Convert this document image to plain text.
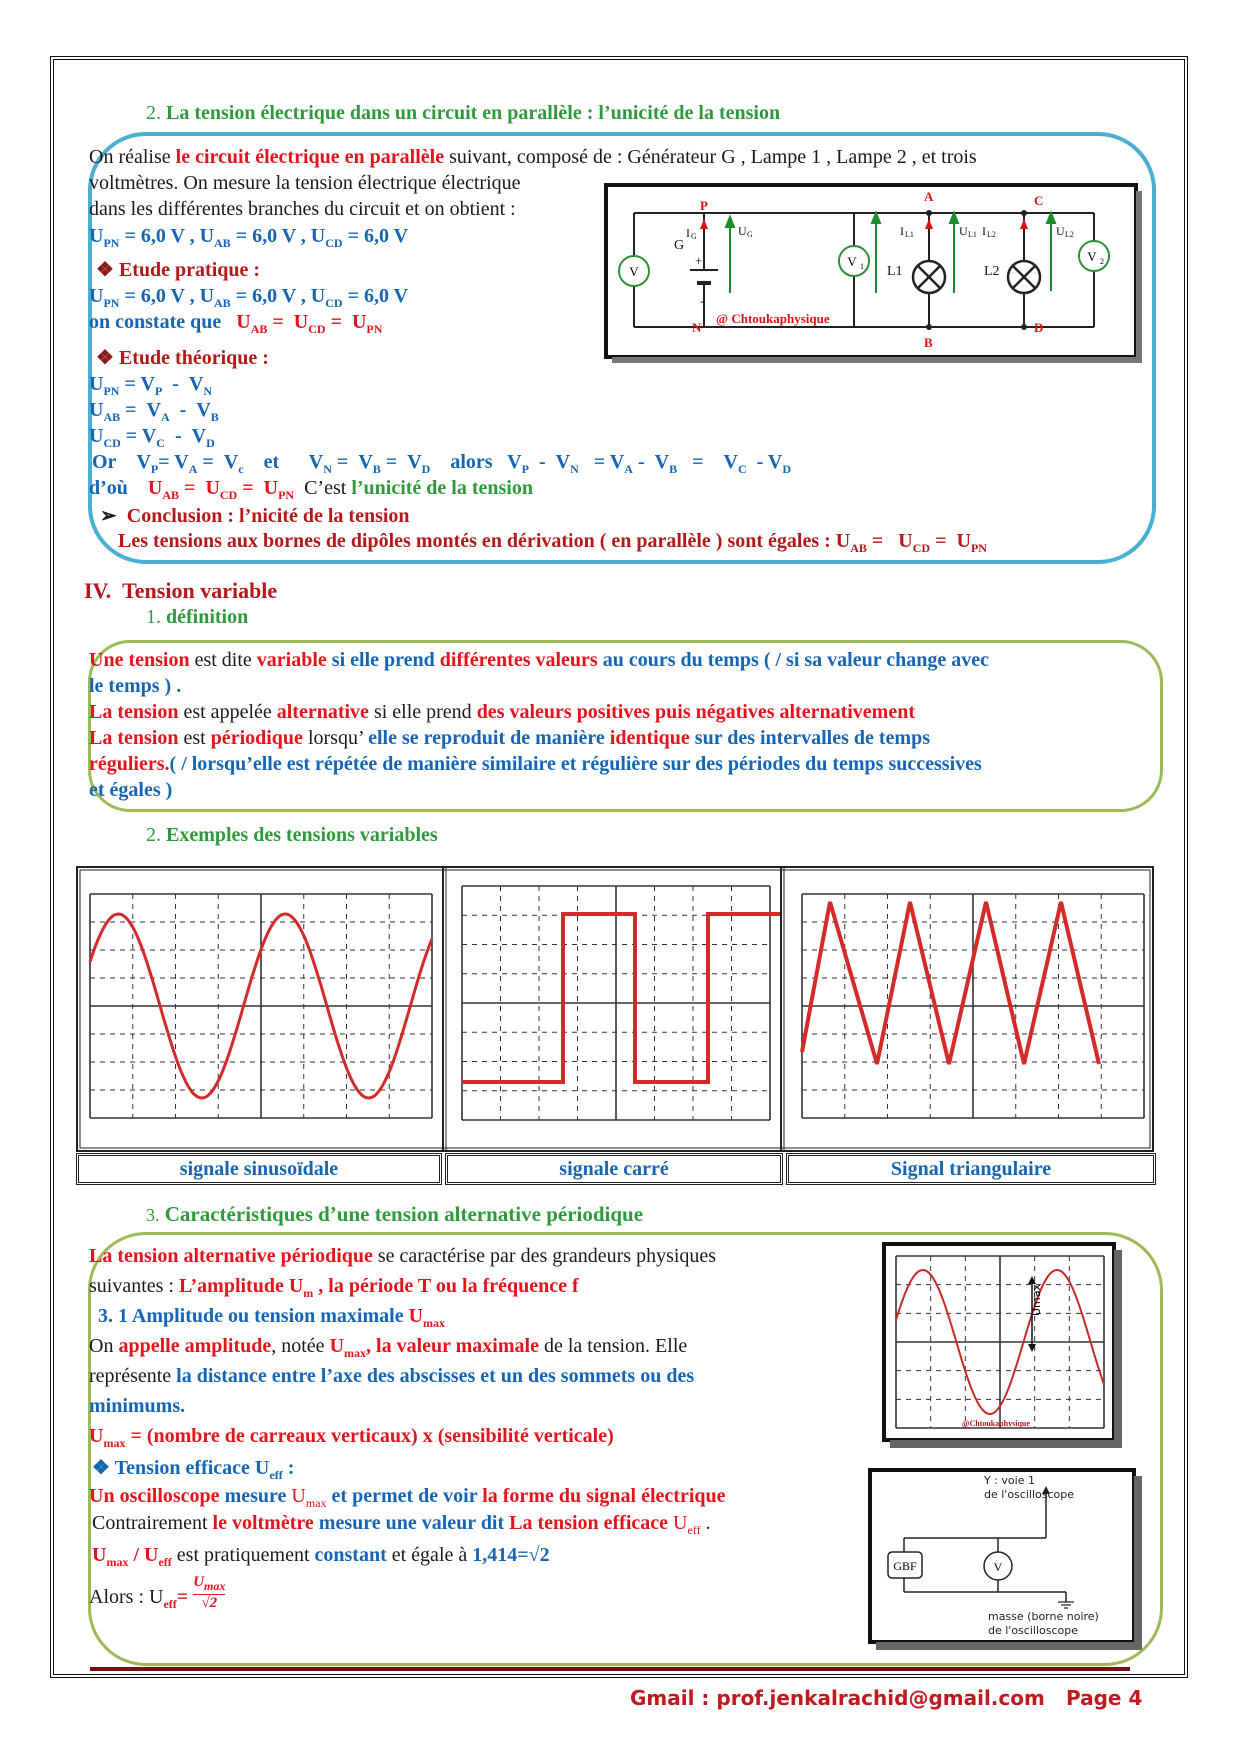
2. La tension électrique dans un circuit en parallèle : l’unicité de la tension
On réalise le circuit électrique en parallèle suivant, composé de : Générateur G , Lampe 1 , Lampe 2 , et trois
voltmètres. On mesure la tension électrique électrique
dans les différentes branches du circuit et on obtient :
$U_{PN} = 6,0$ V , $U_{AB} = 6,0$ V , $U_{CD} = 6,0$ V
❖ Etude pratique :
$U_{PN} = 6,0$ V , $U_{AB} = 6,0$ V , $U_{CD} = 6,0$ V
on constate que $U_{AB} = U_{CD} = U_{PN}$
❖ Etude théorique :
$U_{PN} = V_P - V_N$
$U_{AB} = V_A - V_B$
$U_{CD} = V_C - V_D$
Or $V_P= V_A = V_c$ et $V_N = V_B = V_D$ alors $V_P - V_N = V_A - V_B$   =    $V_C - V_D$
d’où $U_{AB} = U_{CD} = U_{PN}$ C’est l’unicité de la tension
➢ Conclusion : l’nicité de la tension
Les tensions aux bornes de dipôles montés en dérivation ( en parallèle ) sont égales : $U_{AB} = U_{CD} = U_{PN}$
V
V 1
V 2
G
+
-
L1	L2
I G	U G	I L1	U L1 I L2	U L2
P
N
A
B
C
D
@ Chtoukaphysique
IV. Tension variable
1. définition
Une tension est dite variable si elle prend différentes valeurs au cours du temps ( / si sa valeur change avec
le temps ) .
La tension est appelée alternative si elle prend des valeurs positives puis négatives alternativement
La tension est périodique lorsqu’ elle se reproduit de manière identique sur des intervalles de temps
réguliers.( / lorsqu’elle est répétée de manière similaire et régulière sur des périodes du temps successives
et égales )
2. Exemples des tensions variables
signale sinusoïdale	signale carré	Signal triangulaire
3. Caractéristiques d’une tension alternative périodique
La tension alternative périodique se caractérise par des grandeurs physiques
suivantes : L’amplitude $U_m$ , la période T ou la fréquence f
3. 1 Amplitude ou tension maximale $U_{max}$
On appelle amplitude, notée $U_{max}$, la valeur maximale de la tension. Elle
représente la distance entre l’axe des abscisses et un des sommets ou des
minimums.
$U_{max}$ = (nombre de carreaux verticaux) x (sensibilité verticale)
❖ Tension efficace $U_{eff}$ :
Un oscilloscope mesure $U_{max}$ et permet de voir la forme du signal électrique
Contrairement le voltmètre mesure une valeur dit La tension efficace $U_{eff}$ .
$U_{max} / U_{eff}$ est pratiquement constant et égale à 1,414=√2
Alors : $U_{eff}=$
$U_{max}$
√2
Umax
@Chtoukaphysique
V
GBF
Y : voie 1
de l'oscilloscope
masse (borne noire)
de l'oscilloscope
Gmail : prof.jenkalrachid@gmail.com Page 4
